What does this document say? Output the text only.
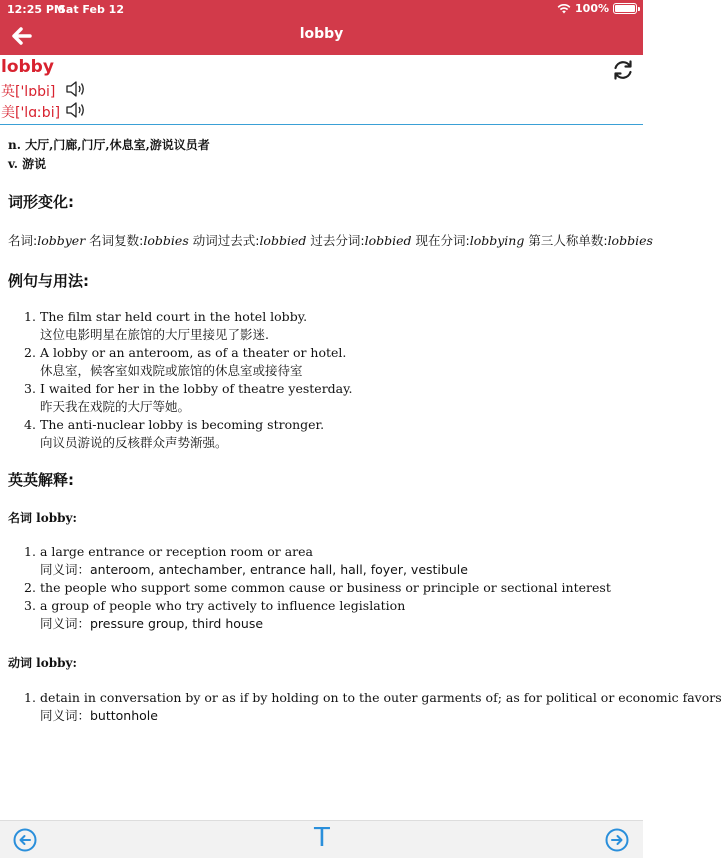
12:25 PM
Sat Feb 12	100%
lobby
lobby
英['lɒbi]
美['lɑːbi]
n. 大厅,门廊,门厅,休息室,游说议员者
v. 游说
词形变化:
名词:lobbyer 名词复数:lobbies 动词过去式:lobbied 过去分词:lobbied 现在分词:lobbying 第三人称单数:lobbies
例句与用法:
1. The film star held court in the hotel lobby.
这位电影明星在旅馆的大厅里接见了影迷.
2. A lobby or an anteroom, as of a theater or hotel.
休息室，候客室如戏院或旅馆的休息室或接待室
3. I waited for her in the lobby of theatre yesterday.
昨天我在戏院的大厅等她。
4. The anti-nuclear lobby is becoming stronger.
向议员游说的反核群众声势渐强。
英英解释:
名词 lobby:
1. a large entrance or reception room or area
同义词：anteroom, antechamber, entrance hall, hall, foyer, vestibule
2. the people who support some common cause or business or principle or sectional interest
3. a group of people who try actively to influence legislation
同义词：pressure group, third house
动词 lobby:
1. detain in conversation by or as if by holding on to the outer garments of; as for political or economic favors
同义词：buttonhole
T
